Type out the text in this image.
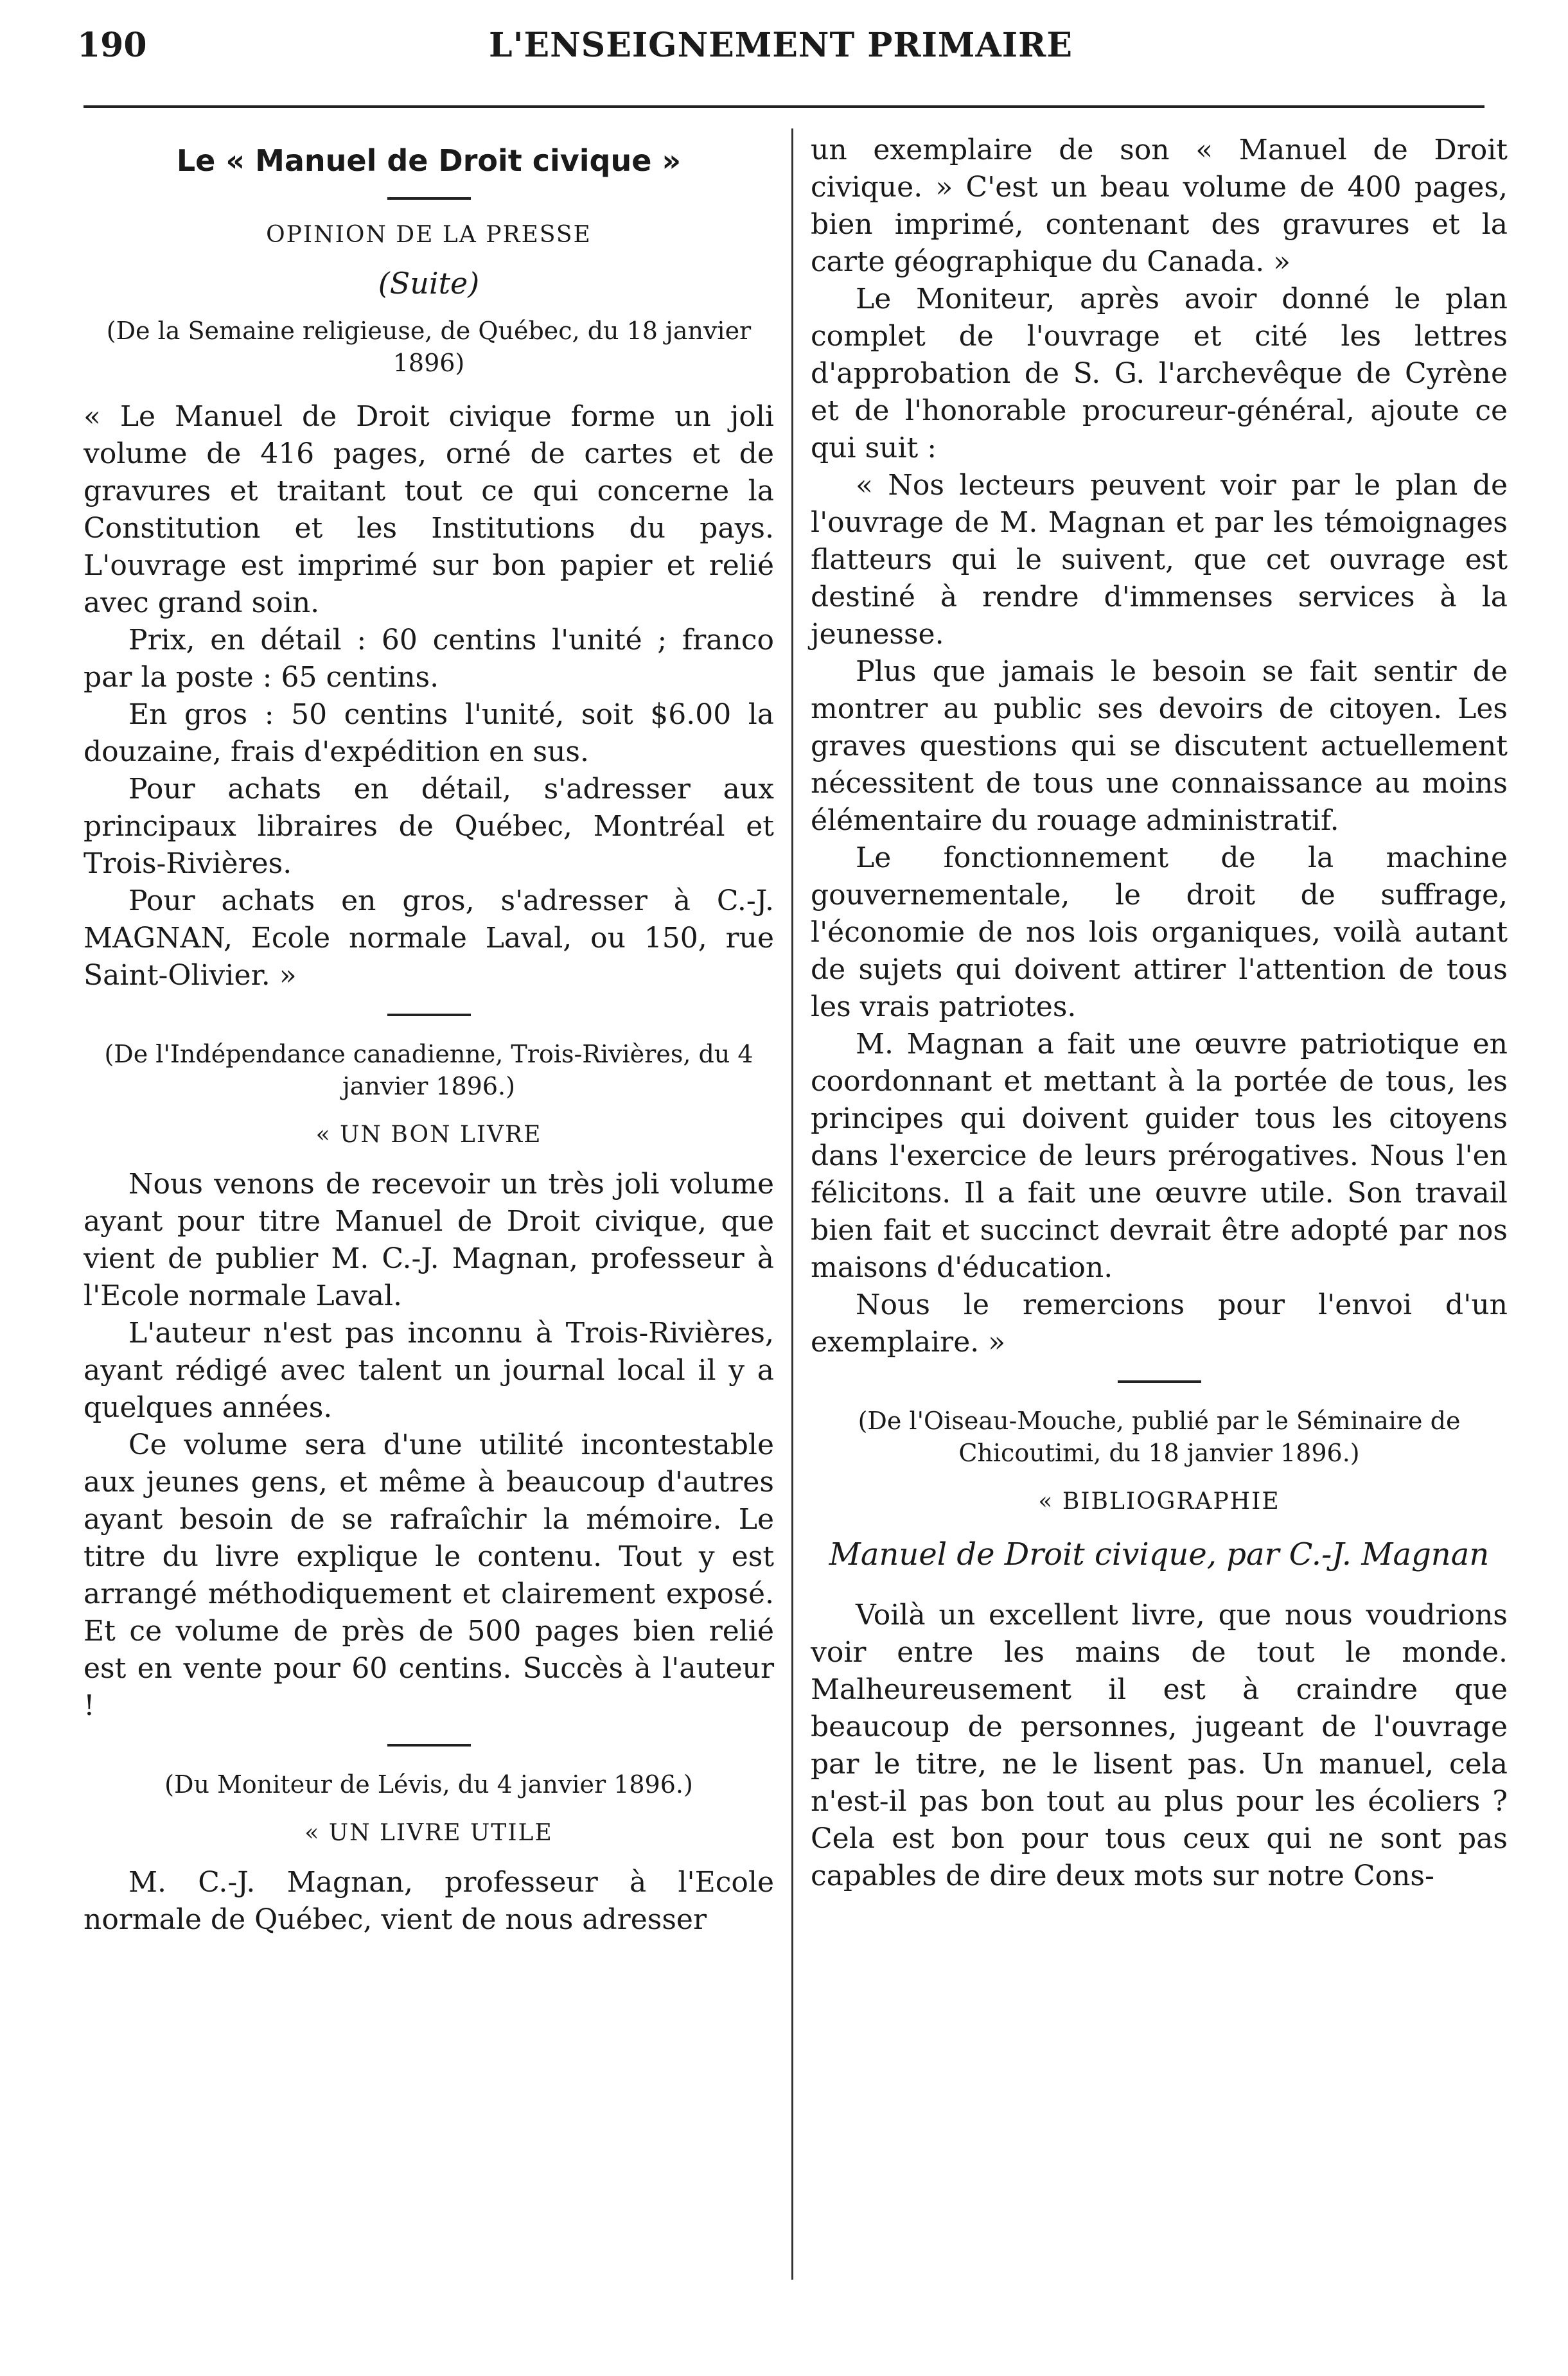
190	L'ENSEIGNEMENT PRIMAIRE
Le « Manuel de Droit civique »
OPINION DE LA PRESSE
(Suite)
(De la Semaine religieuse, de Québec, du 18 janvier 1896)

« Le Manuel de Droit civique forme un joli volume de 416 pages, orné de cartes et de gravures et traitant tout ce qui concerne la Constitution et les Institutions du pays. L'ouvrage est imprimé sur bon papier et relié avec grand soin.

Prix, en détail : 60 centins l'unité ; franco par la poste : 65 centins.

En gros : 50 centins l'unité, soit $6.00 la douzaine, frais d'expédition en sus.

Pour achats en détail, s'adresser aux principaux libraires de Québec, Montréal et Trois-Rivières.

Pour achats en gros, s'adresser à C.-J. MAGNAN, Ecole normale Laval, ou 150, rue Saint-Olivier. »

(De l'Indépendance canadienne, Trois-Rivières, du 4 janvier 1896.)
« UN BON LIVRE

Nous venons de recevoir un très joli volume ayant pour titre Manuel de Droit civique, que vient de publier M. C.-J. Magnan, professeur à l'Ecole normale Laval.

L'auteur n'est pas inconnu à Trois-Rivières, ayant rédigé avec talent un journal local il y a quelques années.

Ce volume sera d'une utilité incontestable aux jeunes gens, et même à beaucoup d'autres ayant besoin de se rafraîchir la mémoire. Le titre du livre explique le contenu. Tout y est arrangé méthodiquement et clairement exposé. Et ce volume de près de 500 pages bien relié est en vente pour 60 centins. Succès à l'auteur !

(Du Moniteur de Lévis, du 4 janvier 1896.)
« UN LIVRE UTILE

M. C.-J. Magnan, professeur à l'Ecole normale de Québec, vient de nous adresser

un exemplaire de son « Manuel de Droit civique. » C'est un beau volume de 400 pages, bien imprimé, contenant des gravures et la carte géographique du Canada. »

Le Moniteur, après avoir donné le plan complet de l'ouvrage et cité les lettres d'approbation de S. G. l'archevêque de Cyrène et de l'honorable procureur-général, ajoute ce qui suit :

« Nos lecteurs peuvent voir par le plan de l'ouvrage de M. Magnan et par les témoignages flatteurs qui le suivent, que cet ouvrage est destiné à rendre d'immenses services à la jeunesse.

Plus que jamais le besoin se fait sentir de montrer au public ses devoirs de citoyen. Les graves questions qui se discutent actuellement nécessitent de tous une connaissance au moins élémentaire du rouage administratif.

Le fonctionnement de la machine gouvernementale, le droit de suffrage, l'économie de nos lois organiques, voilà autant de sujets qui doivent attirer l'attention de tous les vrais patriotes.

M. Magnan a fait une œuvre patriotique en coordonnant et mettant à la portée de tous, les principes qui doivent guider tous les citoyens dans l'exercice de leurs prérogatives. Nous l'en félicitons. Il a fait une œuvre utile. Son travail bien fait et succinct devrait être adopté par nos maisons d'éducation.

Nous le remercions pour l'envoi d'un exemplaire. »

(De l'Oiseau-Mouche, publié par le Séminaire de Chicoutimi, du 18 janvier 1896.)
« BIBLIOGRAPHIE
Manuel de Droit civique, par C.-J. Magnan

Voilà un excellent livre, que nous voudrions voir entre les mains de tout le monde. Malheureusement il est à craindre que beaucoup de personnes, jugeant de l'ouvrage par le titre, ne le lisent pas. Un manuel, cela n'est-il pas bon tout au plus pour les écoliers ? Cela est bon pour tous ceux qui ne sont pas capables de dire deux mots sur notre Cons-
